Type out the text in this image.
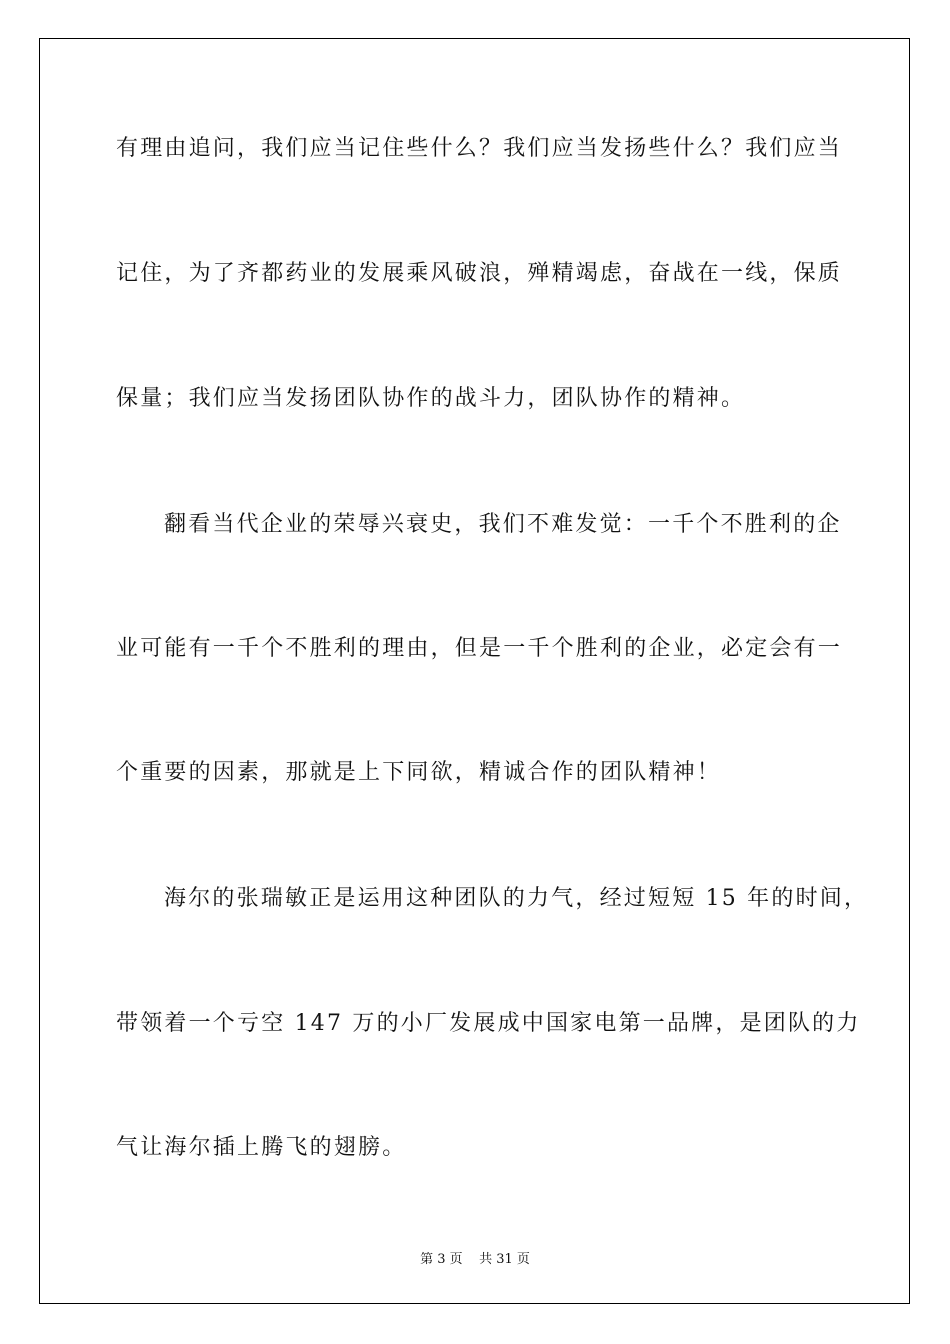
有理由追问，我们应当记住些什么？我们应当发扬些什么？我们应当
记住，为了齐都药业的发展乘风破浪，殚精竭虑，奋战在一线，保质
保量；我们应当发扬团队协作的战斗力，团队协作的精神。
翻看当代企业的荣辱兴衰史，我们不难发觉：一千个不胜利的企
业可能有一千个不胜利的理由，但是一千个胜利的企业，必定会有一
个重要的因素，那就是上下同欲，精诚合作的团队精神！
海尔的张瑞敏正是运用这种团队的力气，经过短短 15 年的时间，
带领着一个亏空 147 万的小厂发展成中国家电第一品牌，是团队的力
气让海尔插上腾飞的翅膀。
第 3 页    共 31 页
